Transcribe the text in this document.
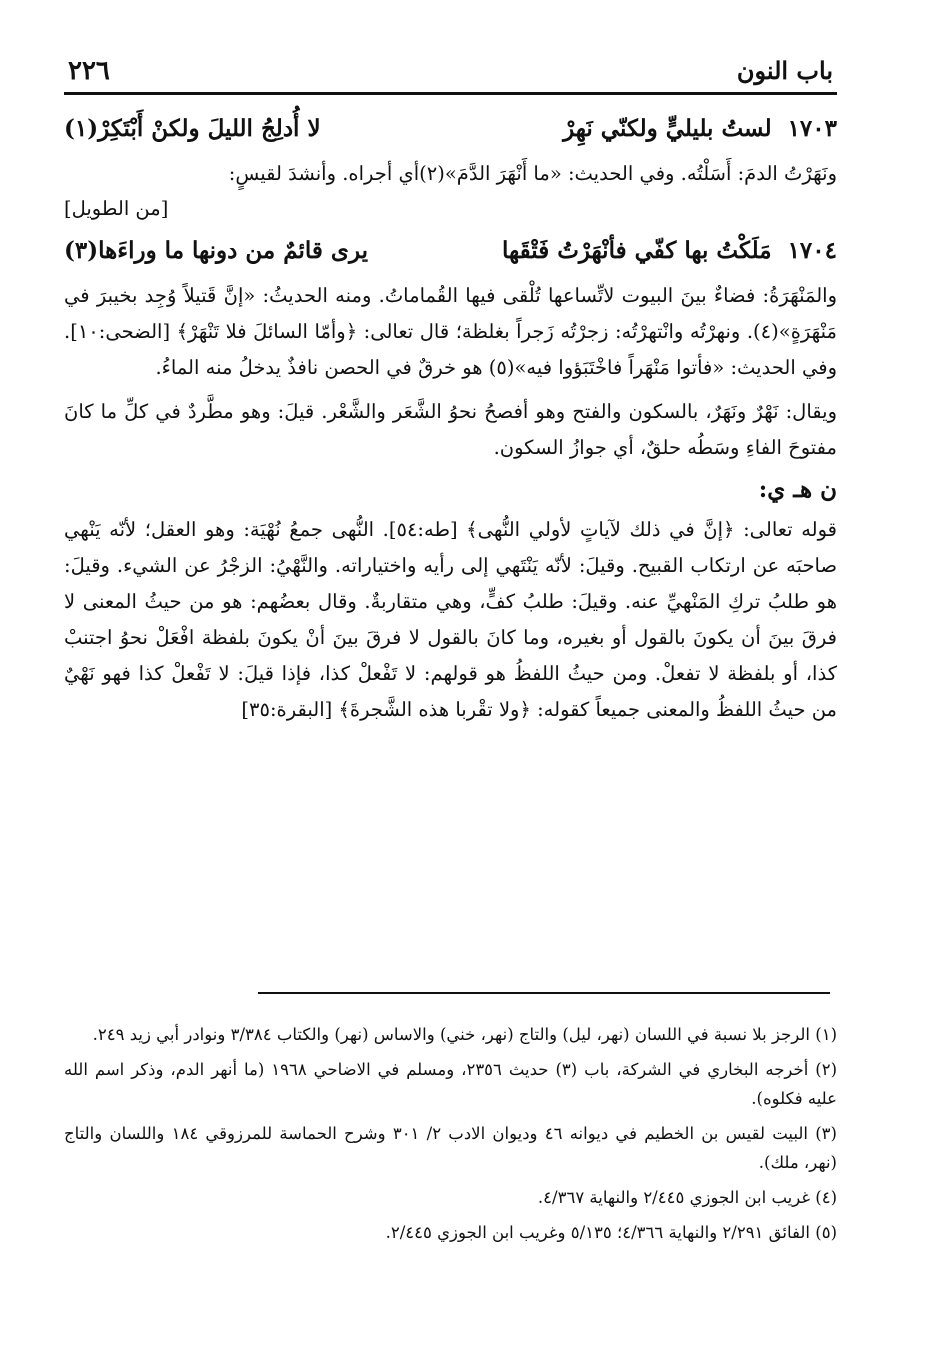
٢٢٦	باب النون
١٧٠٣
لستُ بليليٍّ ولكنّي نَهِرْ
لا أُدلِجُ الليلَ ولكنْ أَبْتَكِرْ(١)

ونَهَرْتُ الدمَ: أَسَلْتُه. وفي الحديث: «ما أَنْهَرَ الدَّمَ»(٢)أي أجراه. وأنشدَ لقيسٍ:

[من الطويل]

١٧٠٤
مَلَكْتُ بها كفّي فأنْهَرْتُ فَتْقَها
يرى قائمٌ من دونها ما وراءَها(٣)

والمَنْهَرَةُ: فضاءٌ بينَ البيوت لاتِّساعها تُلْقى فيها القُماماتُ. ومنه الحديثُ: «إنَّ قَتيلاً وُجِد بخيبرَ في مَنْهَرَةٍ»(٤). ونهرْتُه وانْتهرْتُه: زجرْتُه زَجراً بغلظة؛ قال تعالى: ﴿وأمّا السائلَ فلا تَنْهَرْ﴾ [الضحى:١٠]. وفي الحديث: «فأتوا مَنْهَراً فاخْتَبَؤوا فيه»(٥) هو خرقٌ في الحصن نافذٌ يدخلُ منه الماءُ.

ويقال: نَهْرٌ ونَهَرٌ، بالسكون والفتح وهو أفصحُ نحوُ الشَّعَر والشَّعْر. قيلَ: وهو مطَّردٌ في كلِّ ما كانَ مفتوحَ الفاءِ وسَطُه حلقٌ، أي جوازُ السكون.

ن هـ ي:

قوله تعالى: ﴿إنَّ في ذلك لآياتٍ لأولي النُّهى﴾ [طه:٥٤]. النُّهى جمعُ نُهْيَة: وهو العقل؛ لأنّه يَنْهي صاحبَه عن ارتكاب القبيح. وقيلَ: لأنّه يَنْتَهي إلى رأيه واختياراته. والنَّهْيُ: الزجْرُ عن الشيء. وقيلَ: هو طلبُ تركِ المَنْهيِّ عنه. وقيلَ: طلبُ كفٍّ، وهي متقاربةٌ. وقال بعضُهم: هو من حيثُ المعنى لا فرقَ بينَ أن يكونَ بالقول أو بغيره، وما كانَ بالقول لا فرقَ بينَ أنْ يكونَ بلفظة افْعَلْ نحوُ اجتنبْ كذا، أو بلفظة لا تفعلْ. ومن حيثُ اللفظُ هو قولهم: لا تَفْعلْ كذا، فإذا قيلَ: لا تَفْعلْ كذا فهو نَهْيٌ من حيثُ اللفظُ والمعنى جميعاً كقوله: ﴿ولا تقْربا هذه الشَّجرةَ﴾ [البقرة:٣٥]

(١) الرجز بلا نسبة في اللسان (نهر، ليل) والتاج (نهر، خني) والاساس (نهر) والكتاب ٣/٣٨٤ ونوادر أبي زيد ٢٤٩.

(٢) أخرجه البخاري في الشركة، باب (٣) حديث ٢٣٥٦، ومسلم في الاضاحي ١٩٦٨ (ما أنهر الدم، وذكر اسم الله عليه فكلوه).

(٣) البيت لقيس بن الخطيم في ديوانه ٤٦ وديوان الادب ٢/ ٣٠١ وشرح الحماسة للمرزوقي ١٨٤ واللسان والتاج (نهر، ملك).

(٤) غريب ابن الجوزي ٢/٤٤٥ والنهاية ٤/٣٦٧.

(٥) الفائق ٢/٢٩١ والنهاية ٤/٣٦٦؛ ٥/١٣٥ وغريب ابن الجوزي ٢/٤٤٥.
